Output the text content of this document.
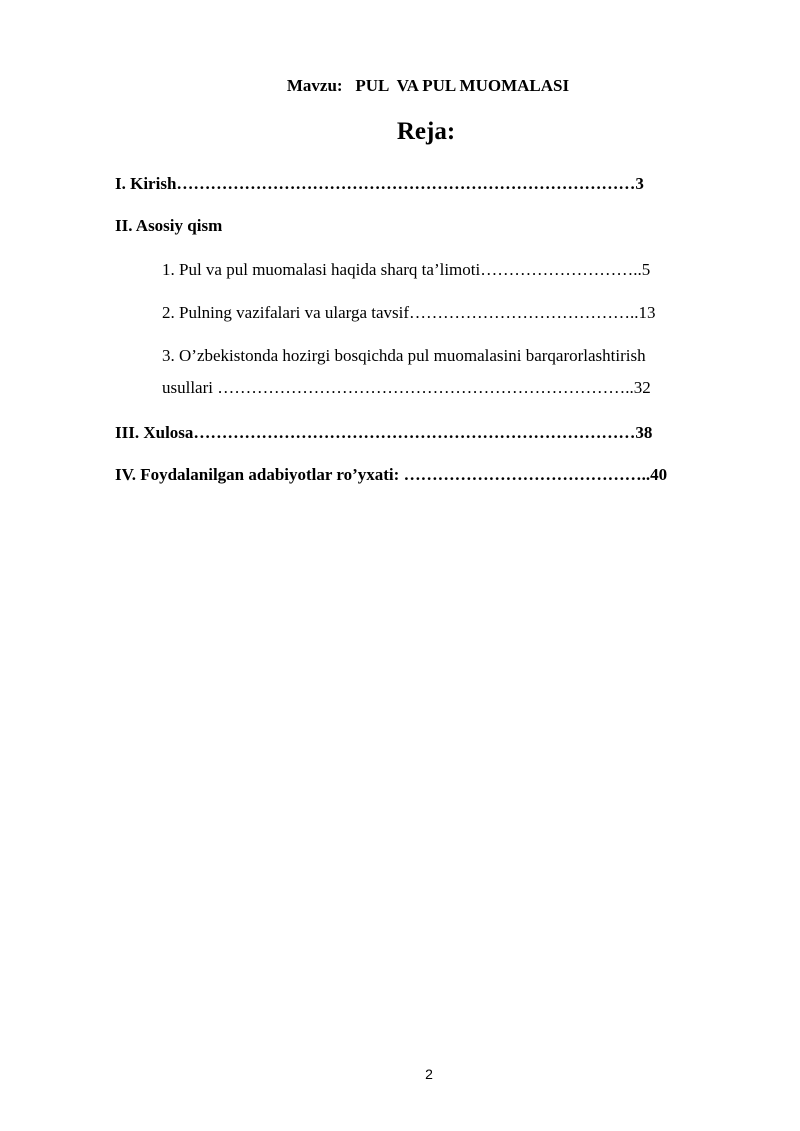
Mavzu:   PUL  VA PUL MUOMALASI
Reja:
I. Kirish………………………………………………………………………3
II. Asosiy qism
1. Pul va pul muomalasi haqida sharq ta’limoti………………………..5
2. Pulning vazifalari va ularga tavsif…………………………………..13
3. O’zbekistonda hozirgi bosqichda pul muomalasini barqarorlashtirish
usullari ………………………………………………………………..32
III. Xulosa……………………………………………………………………38
IV. Foydalanilgan adabiyotlar ro’yxati: ……………………………………..40
2
